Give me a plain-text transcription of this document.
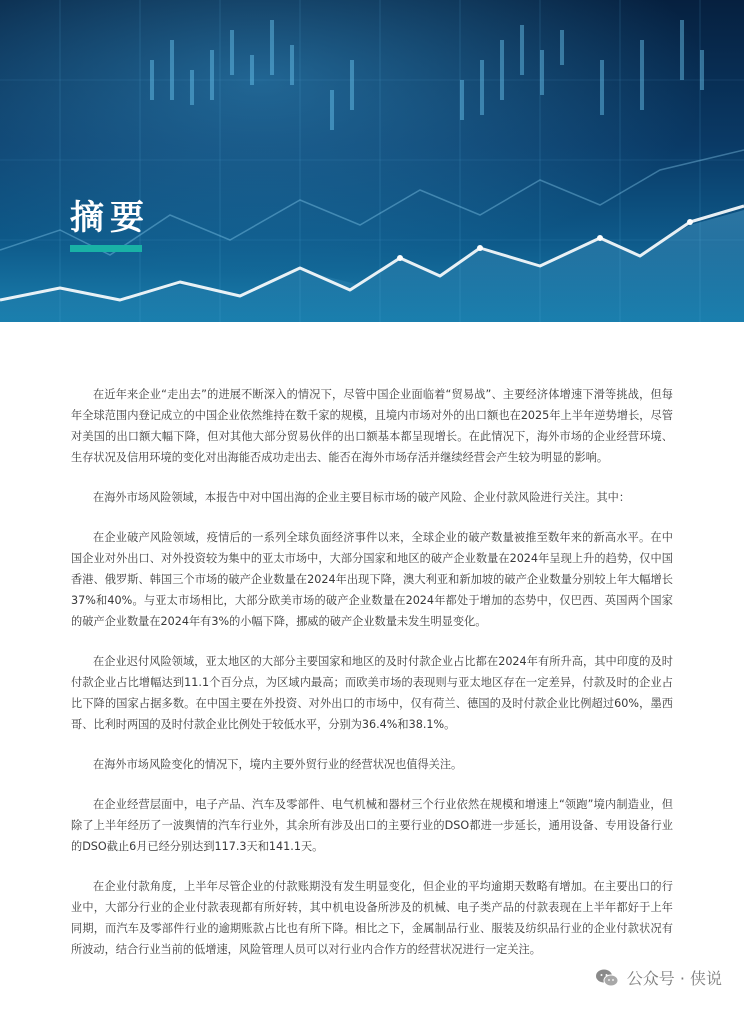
摘要

在近年来企业“走出去”的进展不断深入的情况下，尽管中国企业面临着“贸易战”、主要经济体增速下滑等挑战，但每年全球范围内登记成立的中国企业依然维持在数千家的规模，且境内市场对外的出口额也在2025年上半年逆势增长，尽管对美国的出口额大幅下降，但对其他大部分贸易伙伴的出口额基本都呈现增长。在此情况下，海外市场的企业经营环境、生存状况及信用环境的变化对出海能否成功走出去、能否在海外市场存活并继续经营会产生较为明显的影响。

在海外市场风险领域，本报告中对中国出海的企业主要目标市场的破产风险、企业付款风险进行关注。其中：

在企业破产风险领域，疫情后的一系列全球负面经济事件以来，全球企业的破产数量被推至数年来的新高水平。在中国企业对外出口、对外投资较为集中的亚太市场中，大部分国家和地区的破产企业数量在2024年呈现上升的趋势，仅中国香港、俄罗斯、韩国三个市场的破产企业数量在2024年出现下降，澳大利亚和新加坡的破产企业数量分别较上年大幅增长37%和40%。与亚太市场相比，大部分欧美市场的破产企业数量在2024年都处于增加的态势中，仅巴西、英国两个国家的破产企业数量在2024年有3%的小幅下降，挪威的破产企业数量未发生明显变化。

在企业迟付风险领域，亚太地区的大部分主要国家和地区的及时付款企业占比都在2024年有所升高，其中印度的及时付款企业占比增幅达到11.1个百分点，为区域内最高；而欧美市场的表现则与亚太地区存在一定差异，付款及时的企业占比下降的国家占据多数。在中国主要在外投资、对外出口的市场中，仅有荷兰、德国的及时付款企业比例超过60%，墨西哥、比利时两国的及时付款企业比例处于较低水平，分别为36.4%和38.1%。

在海外市场风险变化的情况下，境内主要外贸行业的经营状况也值得关注。

在企业经营层面中，电子产品、汽车及零部件、电气机械和器材三个行业依然在规模和增速上“领跑”境内制造业，但除了上半年经历了一波舆情的汽车行业外，其余所有涉及出口的主要行业的DSO都进一步延长，通用设备、专用设备行业的DSO截止6月已经分别达到117.3天和141.1天。

在企业付款角度，上半年尽管企业的付款账期没有发生明显变化，但企业的平均逾期天数略有增加。在主要出口的行业中，大部分行业的企业付款表现都有所好转，其中机电设备所涉及的机械、电子类产品的付款表现在上半年都好于上年同期，而汽车及零部件行业的逾期账款占比也有所下降。相比之下，金属制品行业、服装及纺织品行业的企业付款状况有所波动，结合行业当前的低增速，风险管理人员可以对行业内合作方的经营状况进行一定关注。

公众号 · 侠说
